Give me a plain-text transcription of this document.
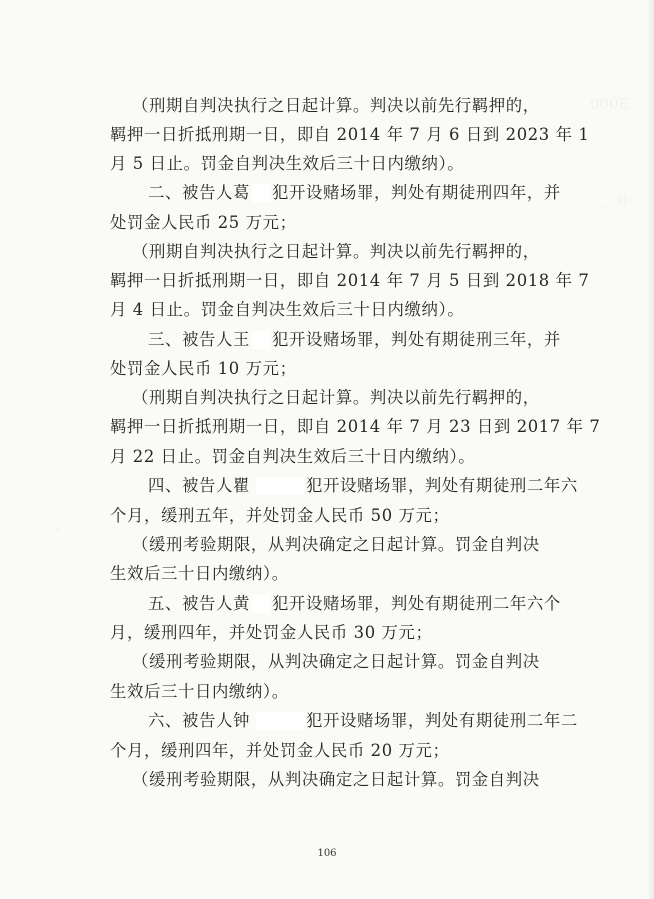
（刑期自判决执行之日起计算。判决以前先行羁押的，

羁押一日折抵刑期一日，即自 2014 年 7 月 6 日到 2023 年 1

月 5 日止。罚金自判决生效后三十日内缴纳）。

二、被告人葛

犯开设赌场罪，判处有期徒刑四年，并

处罚金人民币 25 万元；

（刑期自判决执行之日起计算。判决以前先行羁押的，

羁押一日折抵刑期一日，即自 2014 年 7 月 5 日到 2018 年 7

月 4 日止。罚金自判决生效后三十日内缴纳）。

三、被告人王

犯开设赌场罪，判处有期徒刑三年，并

处罚金人民币 10 万元；

（刑期自判决执行之日起计算。判决以前先行羁押的，

羁押一日折抵刑期一日，即自 2014 年 7 月 23 日到 2017 年 7

月 22 日止。罚金自判决生效后三十日内缴纳）。

四、被告人瞿

	犯开设赌场罪，判处有期徒刑二年六

个月，缓刑五年，并处罚金人民币 50 万元；

（缓刑考验期限，从判决确定之日起计算。罚金自判决

生效后三十日内缴纳）。

五、被告人黄

犯开设赌场罪，判处有期徒刑二年六个

月，缓刑四年，并处罚金人民币 30 万元；

（缓刑考验期限，从判决确定之日起计算。罚金自判决

生效后三十日内缴纳）。

六、被告人钟

	犯开设赌场罪，判处有期徒刑二年二

个月，缓刑四年，并处罚金人民币 20 万元；

（缓刑考验期限，从判决确定之日起计算。罚金自判决

106
